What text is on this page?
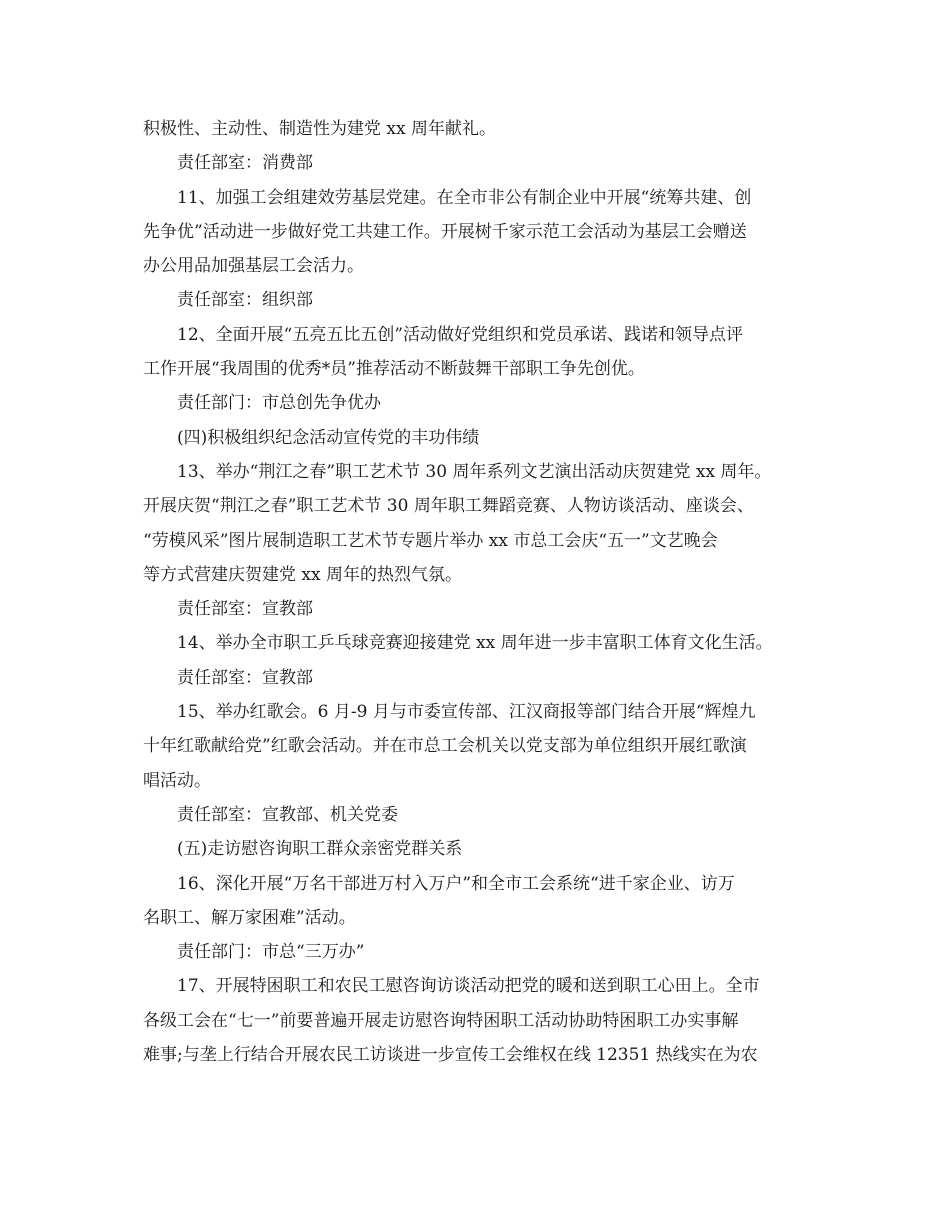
积极性、主动性、制造性为建党 xx 周年献礼。
责任部室：消费部
11、加强工会组建效劳基层党建。在全市非公有制企业中开展“统筹共建、创
先争优”活动进一步做好党工共建工作。开展树千家示范工会活动为基层工会赠送
办公用品加强基层工会活力。
责任部室：组织部
12、全面开展“五亮五比五创”活动做好党组织和党员承诺、践诺和领导点评
工作开展“我周围的优秀*员”推荐活动不断鼓舞干部职工争先创优。
责任部门：市总创先争优办
(四)积极组织纪念活动宣传党的丰功伟绩
13、举办“荆江之春”职工艺术节 30 周年系列文艺演出活动庆贺建党 xx 周年。
开展庆贺“荆江之春”职工艺术节 30 周年职工舞蹈竞赛、人物访谈活动、座谈会、
“劳模风采”图片展制造职工艺术节专题片举办 xx 市总工会庆“五一”文艺晚会
等方式营建庆贺建党 xx 周年的热烈气氛。
责任部室：宣教部
14、举办全市职工乒乓球竞赛迎接建党 xx 周年进一步丰富职工体育文化生活。
责任部室：宣教部
15、举办红歌会。6 月-9 月与市委宣传部、江汉商报等部门结合开展“辉煌九
十年红歌献给党”红歌会活动。并在市总工会机关以党支部为单位组织开展红歌演
唱活动。
责任部室：宣教部、机关党委
(五)走访慰咨询职工群众亲密党群关系
16、深化开展“万名干部进万村入万户”和全市工会系统“进千家企业、访万
名职工、解万家困难”活动。
责任部门：市总“三万办”
17、开展特困职工和农民工慰咨询访谈活动把党的暖和送到职工心田上。全市
各级工会在“七一”前要普遍开展走访慰咨询特困职工活动协助特困职工办实事解
难事;与垄上行结合开展农民工访谈进一步宣传工会维权在线 12351 热线实在为农
